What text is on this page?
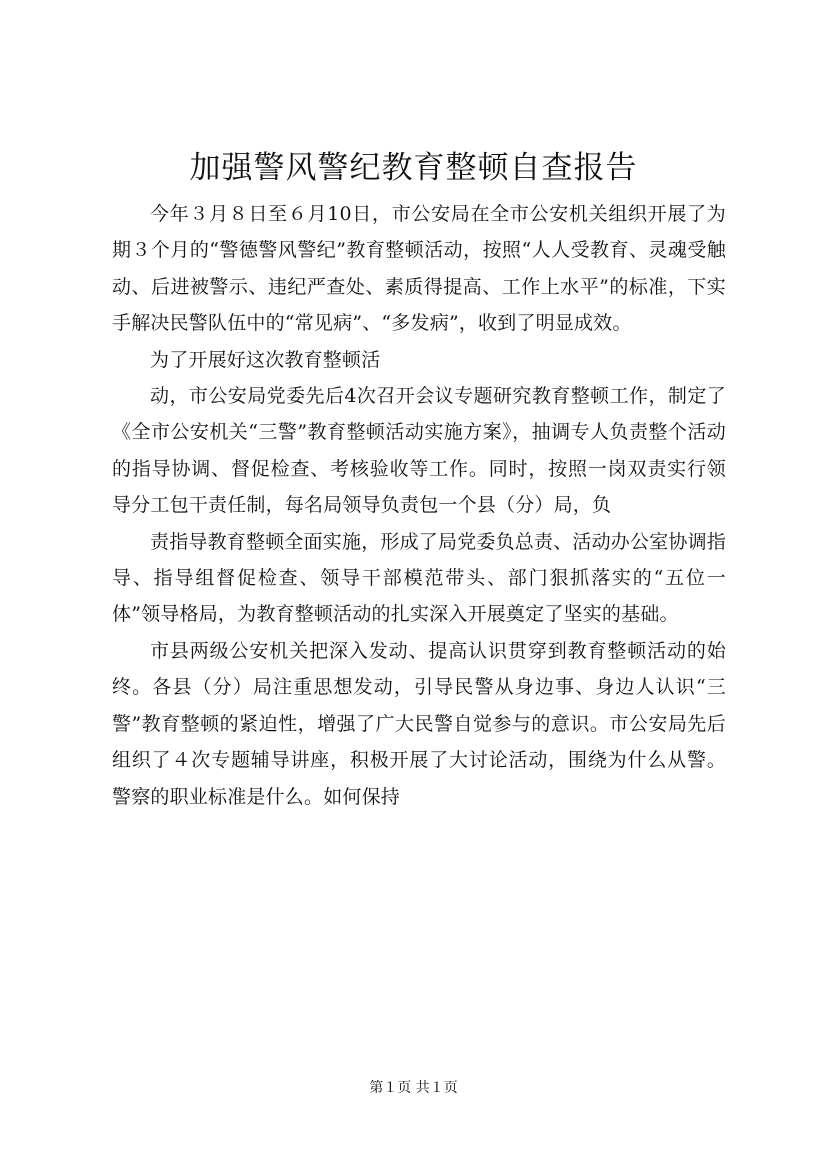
加强警风警纪教育整顿自查报告

今年３月８日至６月10日，市公安局在全市公安机关组织开展了为期３个月的“警德警风警纪”教育整顿活动，按照“人人受教育、灵魂受触动、后进被警示、违纪严查处、素质得提高、工作上水平”的标准，下实手解决民警队伍中的“常见病”、“多发病”，收到了明显成效。

为了开展好这次教育整顿活

动，市公安局党委先后4次召开会议专题研究教育整顿工作，制定了《全市公安机关“三警”教育整顿活动实施方案》，抽调专人负责整个活动的指导协调、督促检查、考核验收等工作。同时，按照一岗双责实行领导分工包干责任制，每名局领导负责包一个县（分）局，负

责指导教育整顿全面实施，形成了局党委负总责、活动办公室协调指导、指导组督促检查、领导干部模范带头、部门狠抓落实的“五位一体”领导格局，为教育整顿活动的扎实深入开展奠定了坚实的基础。

市县两级公安机关把深入发动、提高认识贯穿到教育整顿活动的始终。各县（分）局注重思想发动，引导民警从身边事、身边人认识“三警”教育整顿的紧迫性，增强了广大民警自觉参与的意识。市公安局先后组织了４次专题辅导讲座，积极开展了大讨论活动，围绕为什么从警。警察的职业标准是什么。如何保持

第１页 共１页
